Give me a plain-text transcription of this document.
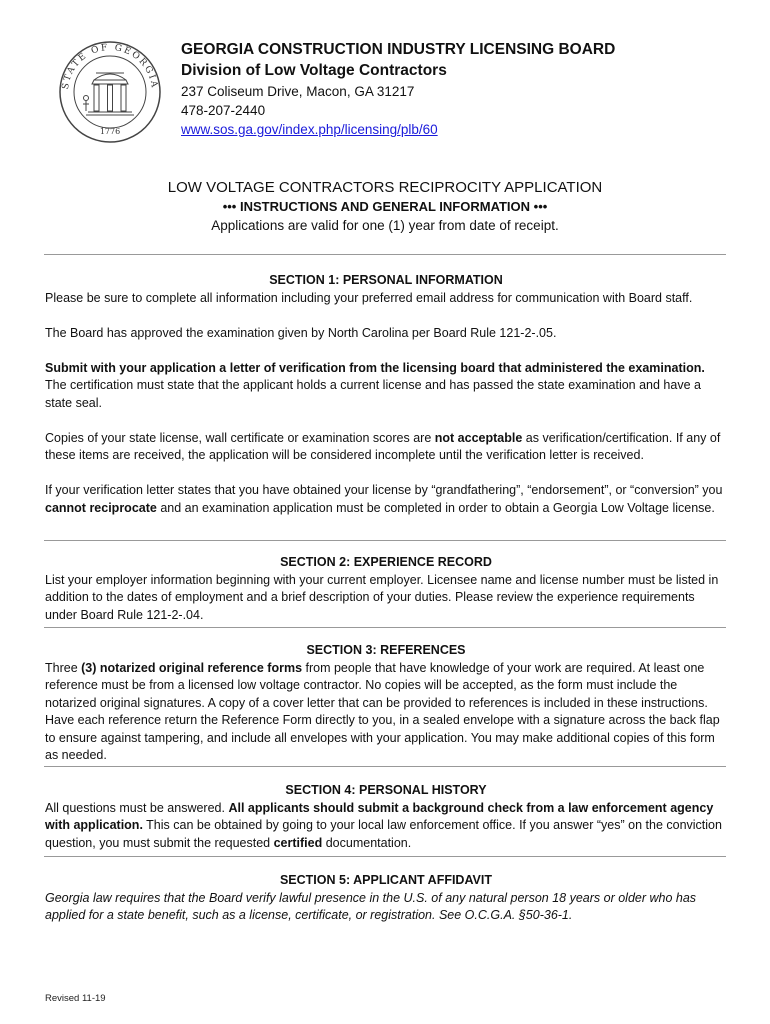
STATE OF GEORGIA
1776
GEORGIA CONSTRUCTION INDUSTRY LICENSING BOARD
Division of Low Voltage Contractors
237 Coliseum Drive, Macon, GA 31217
478-207-2440
www.sos.ga.gov/index.php/licensing/plb/60
LOW VOLTAGE CONTRACTORS RECIPROCITY APPLICATION
••• INSTRUCTIONS AND GENERAL INFORMATION •••
Applications are valid for one (1) year from date of receipt.
SECTION 1: PERSONAL INFORMATION

Please be sure to complete all information including your preferred email address for communication with Board staff.

The Board has approved the examination given by North Carolina per Board Rule 121-2-.05.

Submit with your application a letter of verification from the licensing board that administered the examination. The certification must state that the applicant holds a current license and has passed the state examination and have a state seal.

Copies of your state license, wall certificate or examination scores are not acceptable as verification/certification. If any of these items are received, the application will be considered incomplete until the verification letter is received.

If your verification letter states that you have obtained your license by “grandfathering”, “endorsement”, or “conversion” you cannot reciprocate and an examination application must be completed in order to obtain a Georgia Low Voltage license.

SECTION 2: EXPERIENCE RECORD

List your employer information beginning with your current employer. Licensee name and license number must be listed in addition to the dates of employment and a brief description of your duties. Please review the experience requirements under Board Rule 121-2-.04.

SECTION 3: REFERENCES

Three (3) notarized original reference forms from people that have knowledge of your work are required. At least one reference must be from a licensed low voltage contractor. No copies will be accepted, as the form must include the notarized original signatures. A copy of a cover letter that can be provided to references is included in these instructions. Have each reference return the Reference Form directly to you, in a sealed envelope with a signature across the back flap to ensure against tampering, and include all envelopes with your application. You may make additional copies of this form as needed.

SECTION 4: PERSONAL HISTORY

All questions must be answered. All applicants should submit a background check from a law enforcement agency with application. This can be obtained by going to your local law enforcement office. If you answer “yes” on the conviction question, you must submit the requested certified documentation.

SECTION 5: APPLICANT AFFIDAVIT

Georgia law requires that the Board verify lawful presence in the U.S. of any natural person 18 years or older who has applied for a state benefit, such as a license, certificate, or registration. See O.C.G.A. §50-36-1.

Revised 11-19
